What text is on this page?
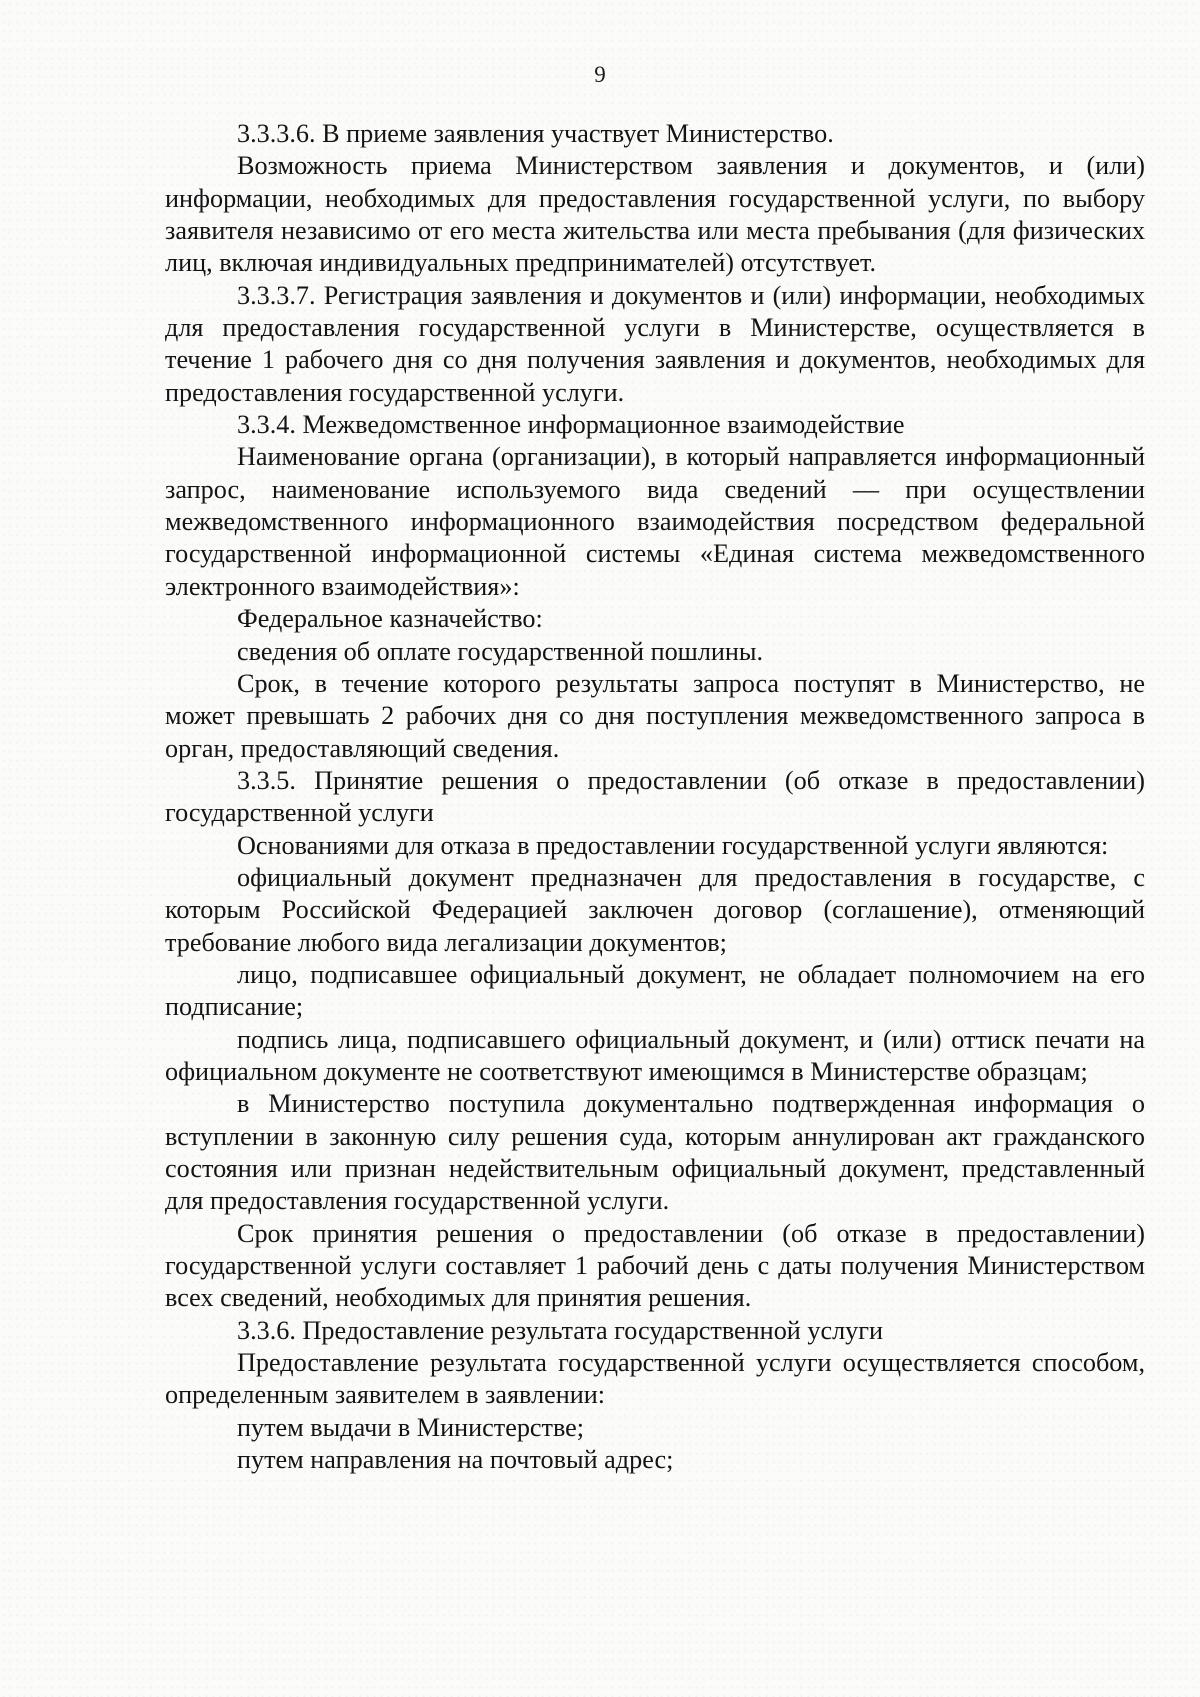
9

3.3.3.6. В приеме заявления участвует Министерство.

Возможность приема Министерством заявления и документов, и (или) информации, необходимых для предоставления государственной услуги, по выбору заявителя независимо от его места жительства или места пребывания (для физических лиц, включая индивидуальных предпринимателей) отсутствует.

3.3.3.7. Регистрация заявления и документов и (или) информации, необходимых для предоставления государственной услуги в Министерстве, осуществляется в течение 1 рабочего дня со дня получения заявления и документов, необходимых для предоставления государственной услуги.

3.3.4. Межведомственное информационное взаимодействие

Наименование органа (организации), в который направляется информационный запрос, наименование используемого вида сведений — при осуществлении межведомственного информационного взаимодействия посредством федеральной государственной информационной системы «Единая система межведомственного электронного взаимодействия»:

Федеральное казначейство:

сведения об оплате государственной пошлины.

Срок, в течение которого результаты запроса поступят в Министерство, не может превышать 2 рабочих дня со дня поступления межведомственного запроса в орган, предоставляющий сведения.

3.3.5. Принятие решения о предоставлении (об отказе в предоставлении) государственной услуги

Основаниями для отказа в предоставлении государственной услуги являются:

официальный документ предназначен для предоставления в государстве, с которым Российской Федерацией заключен договор (соглашение), отменяющий требование любого вида легализации документов;

лицо, подписавшее официальный документ, не обладает полномочием на его подписание;

подпись лица, подписавшего официальный документ, и (или) оттиск печати на официальном документе не соответствуют имеющимся в Министерстве образцам;

в Министерство поступила документально подтвержденная информация о вступлении в законную силу решения суда, которым аннулирован акт гражданского состояния или признан недействительным официальный документ, представленный для предоставления государственной услуги.

Срок принятия решения о предоставлении (об отказе в предоставлении) государственной услуги составляет 1 рабочий день с даты получения Министерством всех сведений, необходимых для принятия решения.

3.3.6. Предоставление результата государственной услуги

Предоставление результата государственной услуги осуществляется способом, определенным заявителем в заявлении:

путем выдачи в Министерстве;

путем направления на почтовый адрес;
